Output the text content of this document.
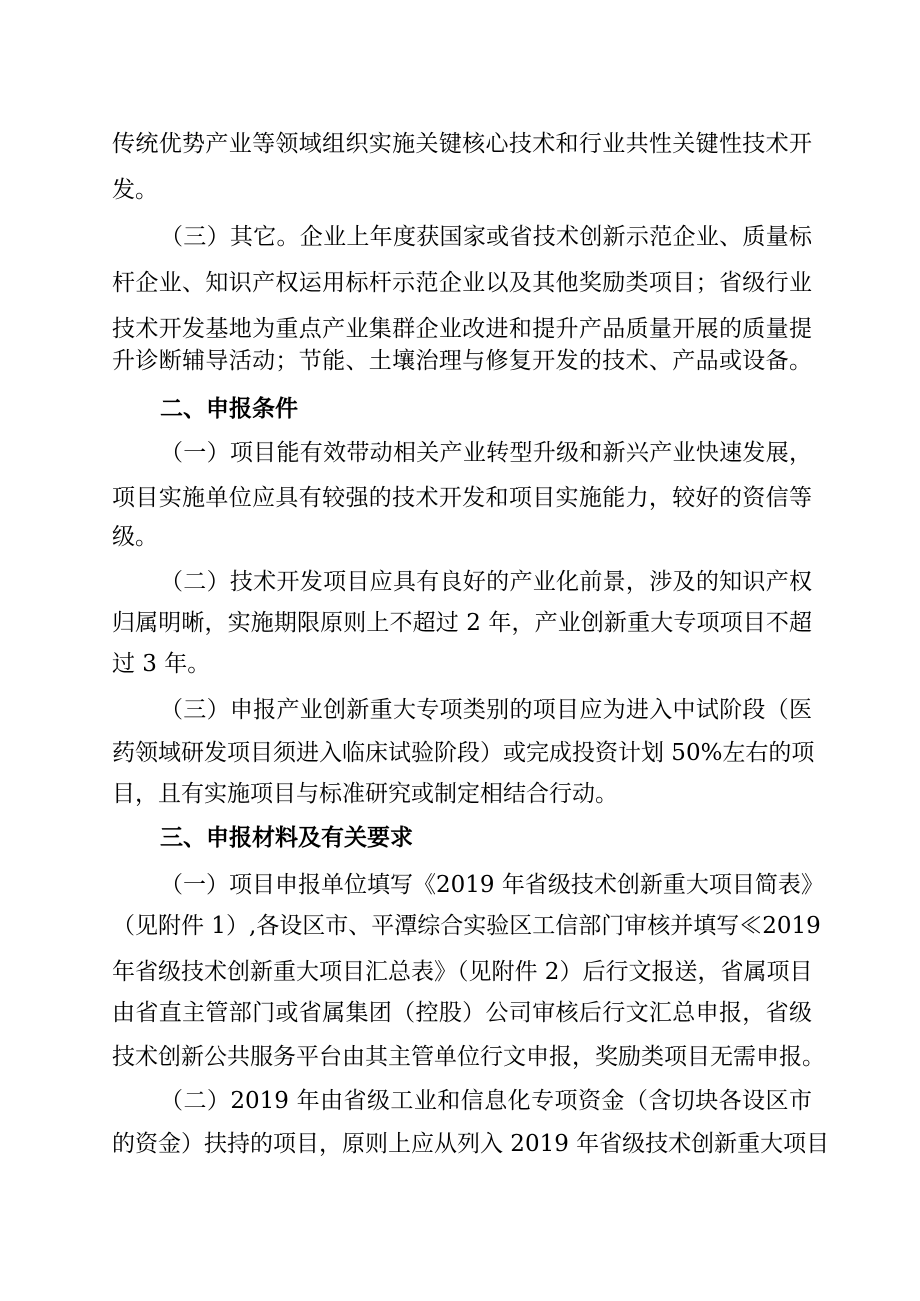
传统优势产业等领域组织实施关键核心技术和行业共性关键性技术开
发。
（三）其它。企业上年度获国家或省技术创新示范企业、质量标
杆企业、知识产权运用标杆示范企业以及其他奖励类项目；省级行业
技术开发基地为重点产业集群企业改进和提升产品质量开展的质量提
升诊断辅导活动；节能、土壤治理与修复开发的技术、产品或设备。
二、申报条件
（一）项目能有效带动相关产业转型升级和新兴产业快速发展，
项目实施单位应具有较强的技术开发和项目实施能力，较好的资信等
级。
（二）技术开发项目应具有良好的产业化前景，涉及的知识产权
归属明晰，实施期限原则上不超过 2 年，产业创新重大专项项目不超
过 3 年。
（三）申报产业创新重大专项类别的项目应为进入中试阶段（医
药领域研发项目须进入临床试验阶段）或完成投资计划 50%左右的项
目，且有实施项目与标准研究或制定相结合行动。
三、申报材料及有关要求
（一）项目申报单位填写《2019 年省级技术创新重大项目简表》
（见附件 1）,各设区市、平潭综合实验区工信部门审核并填写≪2019
年省级技术创新重大项目汇总表》（见附件 2）后行文报送，省属项目
由省直主管部门或省属集团（控股）公司审核后行文汇总申报，省级
技术创新公共服务平台由其主管单位行文申报，奖励类项目无需申报。
（二）2019 年由省级工业和信息化专项资金（含切块各设区市
的资金）扶持的项目，原则上应从列入 2019 年省级技术创新重大项目
